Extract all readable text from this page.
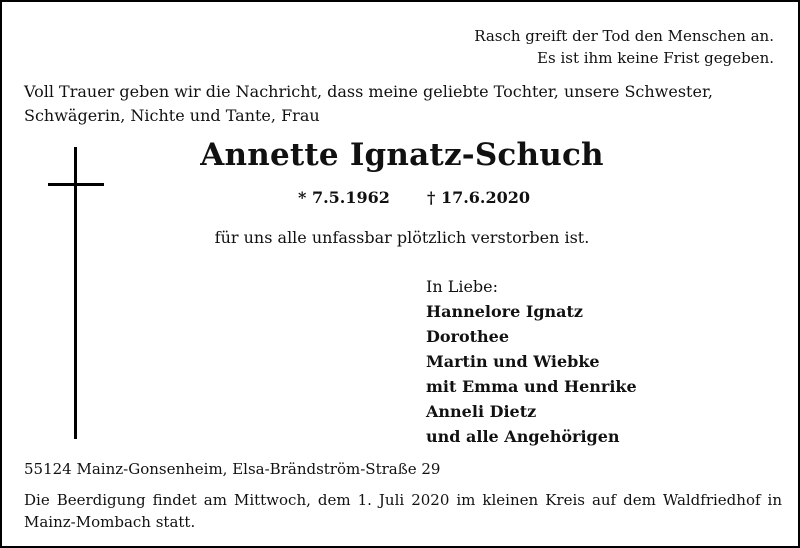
Rasch greift der Tod den Menschen an.
Es ist ihm keine Frist gegeben.
Voll Trauer geben wir die Nachricht, dass meine geliebte Tochter, unsere Schwester, Schwägerin, Nichte und Tante, Frau
Annette Ignatz-Schuch
* 7.5.1962 † 17.6.2020
für uns alle unfassbar plötzlich verstorben ist.
In Liebe:
Hannelore Ignatz
Dorothee
Martin und Wiebke
mit Emma und Henrike
Anneli Dietz
und alle Angehörigen
55124 Mainz-Gonsenheim, Elsa-Brändström-Straße 29
Die Beerdigung findet am Mittwoch, dem 1. Juli 2020 im kleinen Kreis auf dem Waldfriedhof in Mainz-Mombach statt.
